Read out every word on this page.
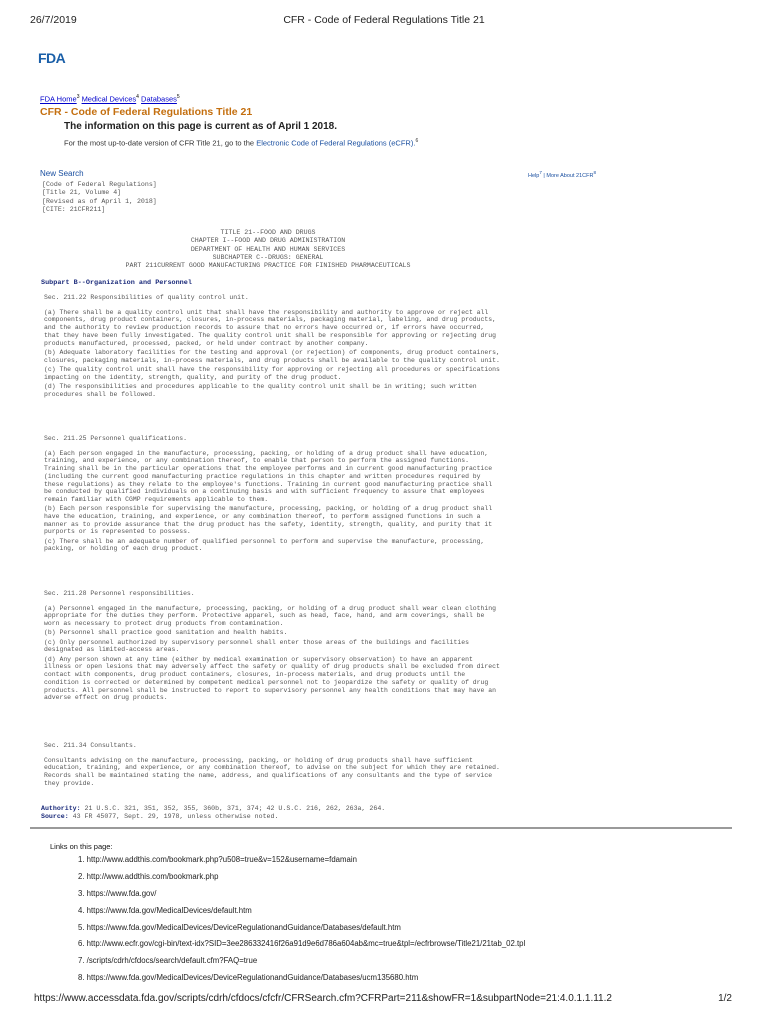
26/7/2019	CFR - Code of Federal Regulations Title 21
FDA
FDA Home$^3$ Medical Devices$^4$ Databases$^5$
CFR - Code of Federal Regulations Title 21
The information on this page is current as of April 1 2018.
For the most up-to-date version of CFR Title 21, go to the Electronic Code of Federal Regulations (eCFR).$^6$
New Search	Help$^7$ | More About 21CFR$^8$
[Code of Federal Regulations]
[Title 21, Volume 4]
[Revised as of April 1, 2018]
[CITE: 21CFR211]
TITLE 21--FOOD AND DRUGS
CHAPTER I--FOOD AND DRUG ADMINISTRATION
DEPARTMENT OF HEALTH AND HUMAN SERVICES
SUBCHAPTER C--DRUGS: GENERAL
PART 211CURRENT GOOD MANUFACTURING PRACTICE FOR FINISHED PHARMACEUTICALS
Subpart B--Organization and Personnel

Sec. 211.22 Responsibilities of quality control unit.

(a) There shall be a quality control unit that shall have the responsibility and authority to approve or reject all
components, drug product containers, closures, in-process materials, packaging material, labeling, and drug products,
and the authority to review production records to assure that no errors have occurred or, if errors have occurred,
that they have been fully investigated. The quality control unit shall be responsible for approving or rejecting drug
products manufactured, processed, packed, or held under contract by another company.

(b) Adequate laboratory facilities for the testing and approval (or rejection) of components, drug product containers,
closures, packaging materials, in-process materials, and drug products shall be available to the quality control unit.

(c) The quality control unit shall have the responsibility for approving or rejecting all procedures or specifications
impacting on the identity, strength, quality, and purity of the drug product.

(d) The responsibilities and procedures applicable to the quality control unit shall be in writing; such written
procedures shall be followed.

Sec. 211.25 Personnel qualifications.

(a) Each person engaged in the manufacture, processing, packing, or holding of a drug product shall have education,
training, and experience, or any combination thereof, to enable that person to perform the assigned functions.
Training shall be in the particular operations that the employee performs and in current good manufacturing practice
(including the current good manufacturing practice regulations in this chapter and written procedures required by
these regulations) as they relate to the employee's functions. Training in current good manufacturing practice shall
be conducted by qualified individuals on a continuing basis and with sufficient frequency to assure that employees
remain familiar with CGMP requirements applicable to them.

(b) Each person responsible for supervising the manufacture, processing, packing, or holding of a drug product shall
have the education, training, and experience, or any combination thereof, to perform assigned functions in such a
manner as to provide assurance that the drug product has the safety, identity, strength, quality, and purity that it
purports or is represented to possess.

(c) There shall be an adequate number of qualified personnel to perform and supervise the manufacture, processing,
packing, or holding of each drug product.

Sec. 211.28 Personnel responsibilities.

(a) Personnel engaged in the manufacture, processing, packing, or holding of a drug product shall wear clean clothing
appropriate for the duties they perform. Protective apparel, such as head, face, hand, and arm coverings, shall be
worn as necessary to protect drug products from contamination.

(b) Personnel shall practice good sanitation and health habits.

(c) Only personnel authorized by supervisory personnel shall enter those areas of the buildings and facilities
designated as limited-access areas.

(d) Any person shown at any time (either by medical examination or supervisory observation) to have an apparent
illness or open lesions that may adversely affect the safety or quality of drug products shall be excluded from direct
contact with components, drug product containers, closures, in-process materials, and drug products until the
condition is corrected or determined by competent medical personnel not to jeopardize the safety or quality of drug
products. All personnel shall be instructed to report to supervisory personnel any health conditions that may have an
adverse effect on drug products.

Sec. 211.34 Consultants.

Consultants advising on the manufacture, processing, packing, or holding of drug products shall have sufficient
education, training, and experience, or any combination thereof, to advise on the subject for which they are retained.
Records shall be maintained stating the name, address, and qualifications of any consultants and the type of service
they provide.

Authority: 21 U.S.C. 321, 351, 352, 355, 360b, 371, 374; 42 U.S.C. 216, 262, 263a, 264.
Source: 43 FR 45077, Sept. 29, 1978, unless otherwise noted.
Links on this page:
1. http://www.addthis.com/bookmark.php?u508=true&v=152&username=fdamain
2. http://www.addthis.com/bookmark.php
3. https://www.fda.gov/
4. https://www.fda.gov/MedicalDevices/default.htm
5. https://www.fda.gov/MedicalDevices/DeviceRegulationandGuidance/Databases/default.htm
6. http://www.ecfr.gov/cgi-bin/text-idx?SID=3ee286332416f26a91d9e6d786a604ab&mc=true&tpl=/ecfrbrowse/Title21/21tab_02.tpl
7. /scripts/cdrh/cfdocs/search/default.cfm?FAQ=true
8. https://www.fda.gov/MedicalDevices/DeviceRegulationandGuidance/Databases/ucm135680.htm
https://www.accessdata.fda.gov/scripts/cdrh/cfdocs/cfcfr/CFRSearch.cfm?CFRPart=211&showFR=1&subpartNode=21:4.0.1.1.11.2	1/2
